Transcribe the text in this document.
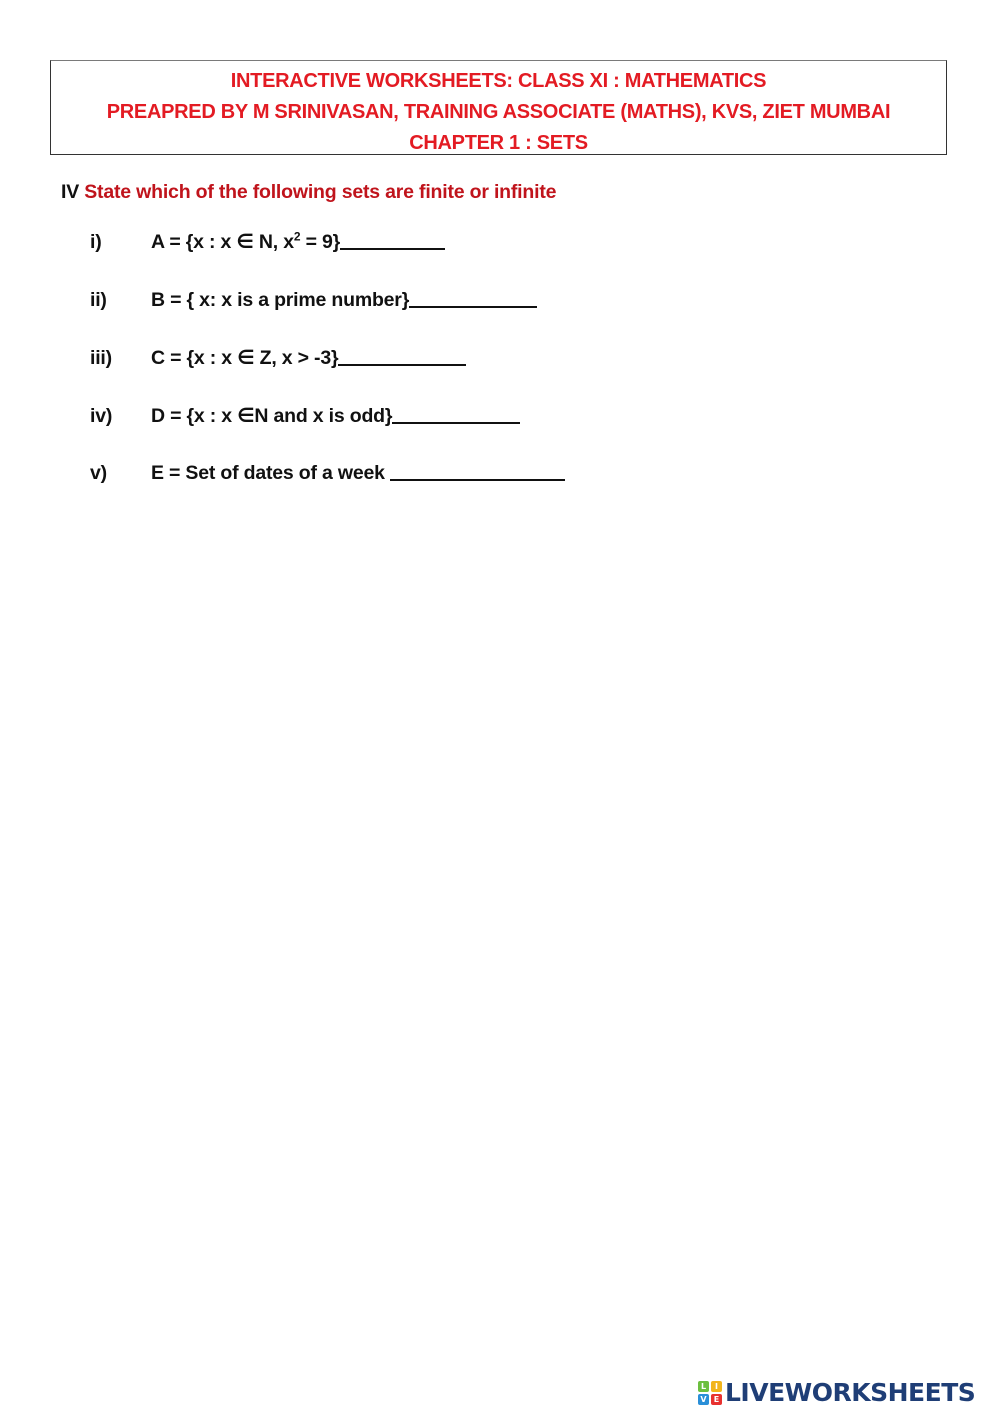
INTERACTIVE WORKSHEETS: CLASS XI : MATHEMATICS
PREAPRED BY M SRINIVASAN, TRAINING ASSOCIATE (MATHS), KVS, ZIET MUMBAI
CHAPTER 1 : SETS
IV State which of the following sets are finite or infinite
i)	A = {x : x ∈ N, $x^2 = 9$}
ii) B = { x: x is a prime number}
iii) C = {x : x ∈ Z, x > -3}
iv) D = {x : x ∈N and x is odd}
v) E = Set of dates of a week
L	I
V E LIVEWORKSHEETS
